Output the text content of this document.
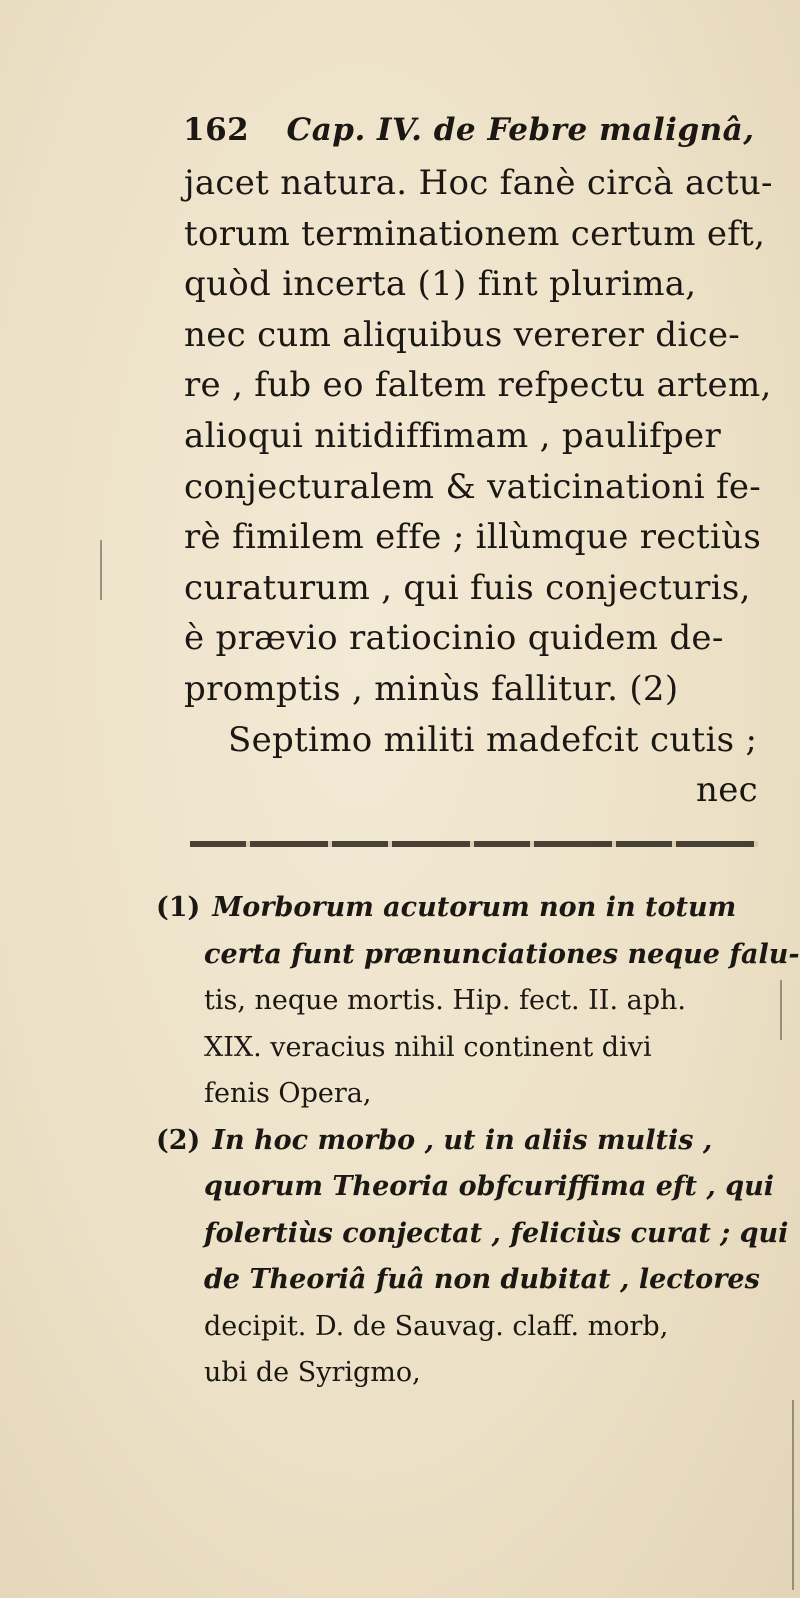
162 Cap. IV. de Febre malignâ,
jacet natura. Hoc fanè circà actu-
torum terminationem certum eft,
quòd incerta (1) fint plurima,
nec cum aliquibus vererer dice-
re , fub eo faltem refpectu artem,
alioqui nitidiffimam , paulifper
conjecturalem & vaticinationi fe-
rè fimilem effe ; illùmque rectiùs
curaturum , qui fuis conjecturis,
è prævio ratiocinio quidem de-
promptis , minùs fallitur. (2)
Septimo militi madefcit cutis ;
nec
(1) Morborum acutorum non in totum
certa funt prænunciationes neque falu-
tis, neque mortis. Hip. fect. II. aph.
XIX. veracius nihil continent divi
fenis Opera,
(2) In hoc morbo , ut in aliis multis ,
quorum Theoria obfcuriffima eft , qui
folertiùs conjectat , feliciùs curat ; qui
de Theoriâ fuâ non dubitat , lectores
decipit. D. de Sauvag. claff. morb,
ubi de Syrigmo,
